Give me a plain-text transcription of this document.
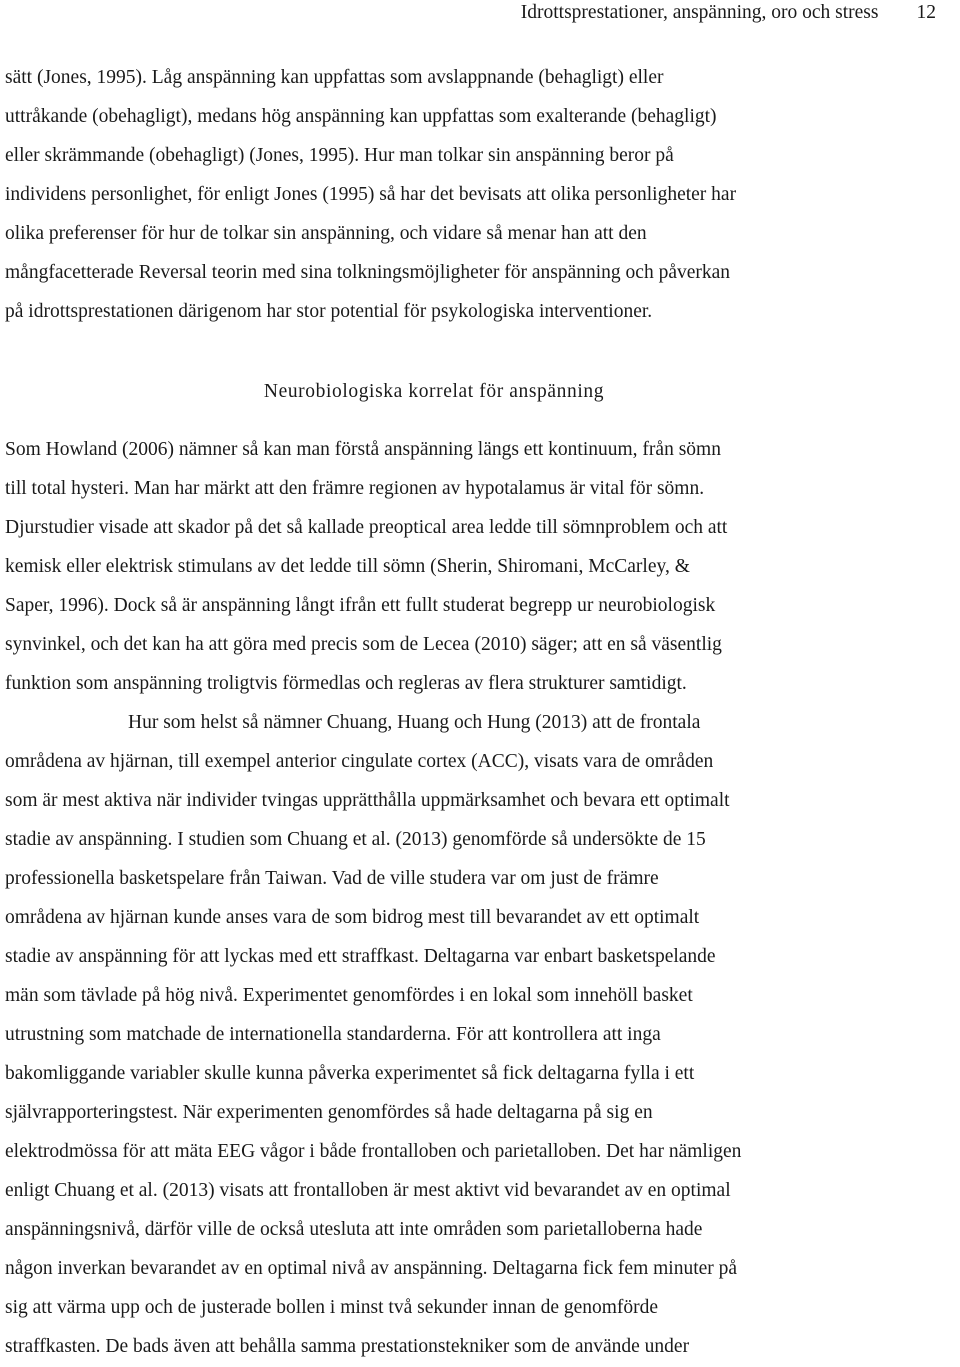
Idrottsprestationer, anspänning, oro och stress 12
sätt (Jones, 1995). Låg anspänning kan uppfattas som avslappnande (behagligt) eller
uttråkande (obehagligt), medans hög anspänning kan uppfattas som exalterande (behagligt)
eller skrämmande (obehagligt) (Jones, 1995). Hur man tolkar sin anspänning beror på
individens personlighet, för enligt Jones (1995) så har det bevisats att olika personligheter har
olika preferenser för hur de tolkar sin anspänning, och vidare så menar han att den
mångfacetterade Reversal teorin med sina tolkningsmöjligheter för anspänning och påverkan
på idrottsprestationen därigenom har stor potential för psykologiska interventioner.
Neurobiologiska korrelat för anspänning
Som Howland (2006) nämner så kan man förstå anspänning längs ett kontinuum, från sömn
till total hysteri. Man har märkt att den främre regionen av hypotalamus är vital för sömn.
Djurstudier visade att skador på det så kallade preoptical area ledde till sömnproblem och att
kemisk eller elektrisk stimulans av det ledde till sömn (Sherin, Shiromani, McCarley, &
Saper, 1996). Dock så är anspänning långt ifrån ett fullt studerat begrepp ur neurobiologisk
synvinkel, och det kan ha att göra med precis som de Lecea (2010) säger; att en så väsentlig
funktion som anspänning troligtvis förmedlas och regleras av flera strukturer samtidigt.
Hur som helst så nämner Chuang, Huang och Hung (2013) att de frontala
områdena av hjärnan, till exempel anterior cingulate cortex (ACC), visats vara de områden
som är mest aktiva när individer tvingas upprätthålla uppmärksamhet och bevara ett optimalt
stadie av anspänning. I studien som Chuang et al. (2013) genomförde så undersökte de 15
professionella basketspelare från Taiwan. Vad de ville studera var om just de främre
områdena av hjärnan kunde anses vara de som bidrog mest till bevarandet av ett optimalt
stadie av anspänning för att lyckas med ett straffkast. Deltagarna var enbart basketspelande
män som tävlade på hög nivå. Experimentet genomfördes i en lokal som innehöll basket
utrustning som matchade de internationella standarderna. För att kontrollera att inga
bakomliggande variabler skulle kunna påverka experimentet så fick deltagarna fylla i ett
självrapporteringstest. När experimenten genomfördes så hade deltagarna på sig en
elektrodmössa för att mäta EEG vågor i både frontalloben och parietalloben. Det har nämligen
enligt Chuang et al. (2013) visats att frontalloben är mest aktivt vid bevarandet av en optimal
anspänningsnivå, därför ville de också utesluta att inte områden som parietalloberna hade
någon inverkan bevarandet av en optimal nivå av anspänning. Deltagarna fick fem minuter på
sig att värma upp och de justerade bollen i minst två sekunder innan de genomförde
straffkasten. De bads även att behålla samma prestationstekniker som de använde under
